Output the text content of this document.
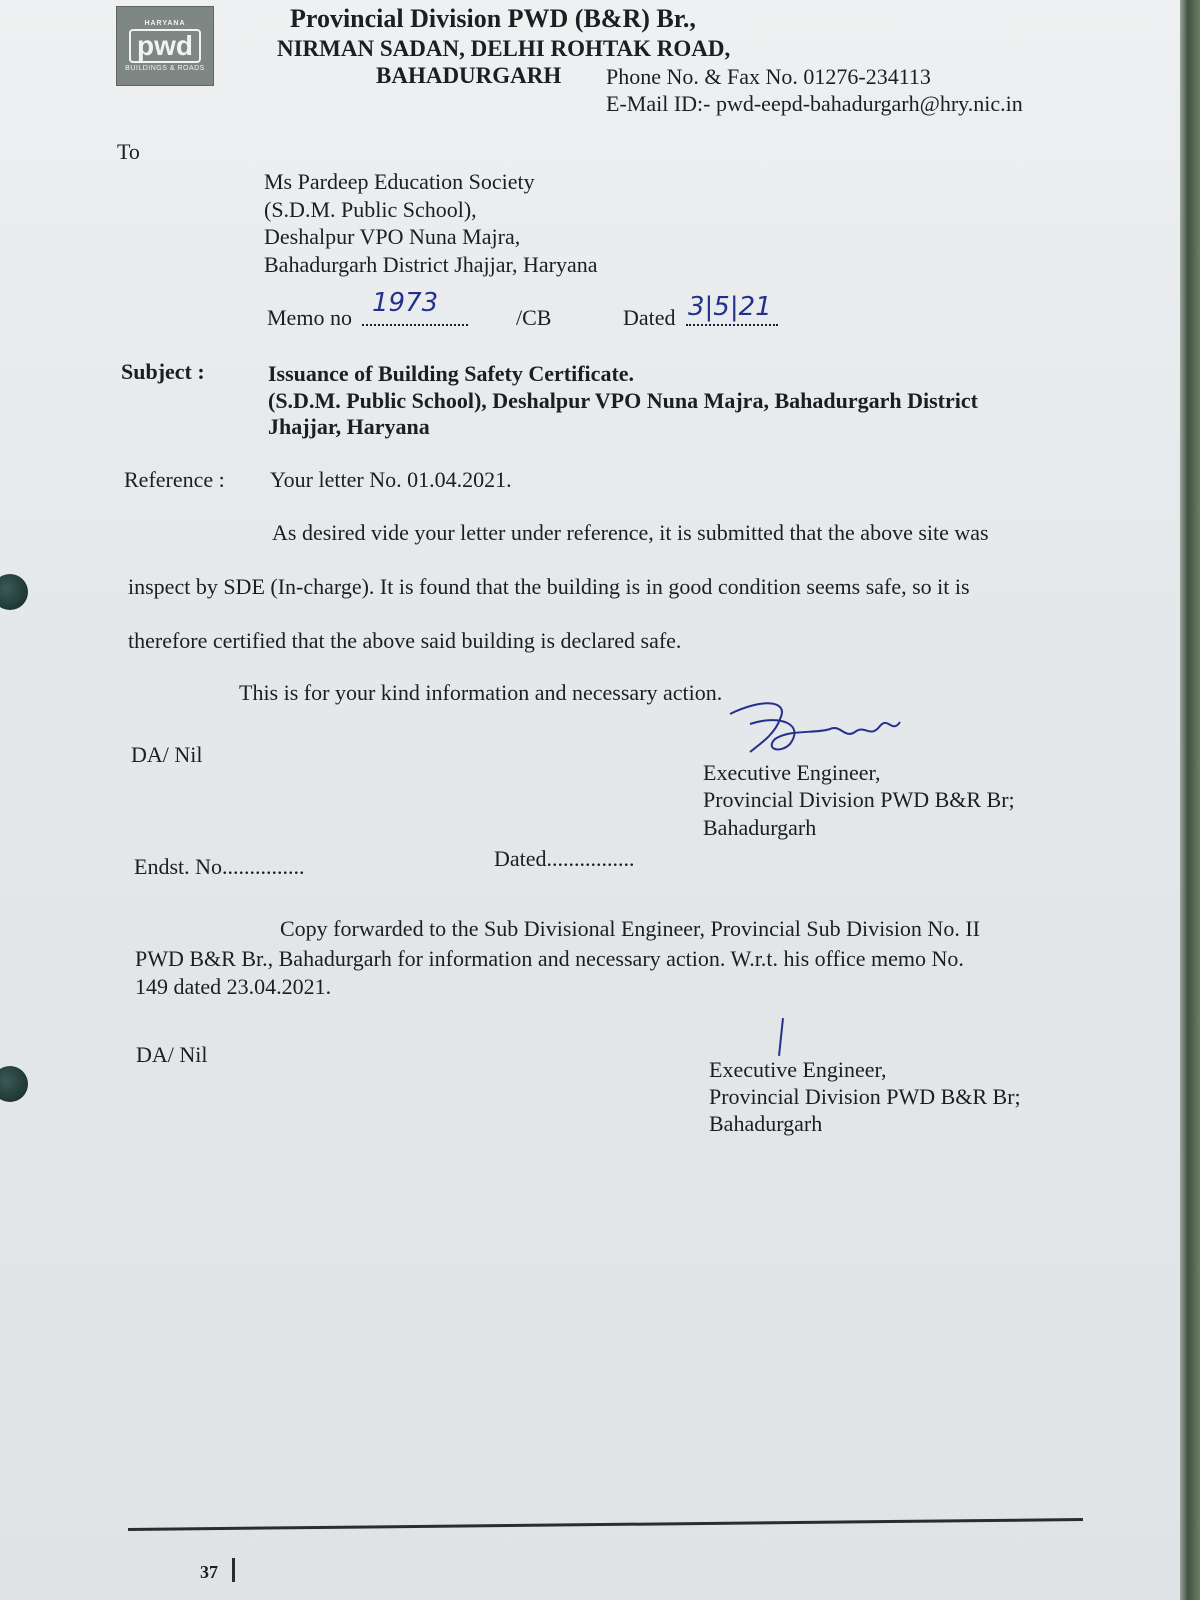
HARYANA
pwd
BUILDINGS & ROADS
Provincial Division PWD (B&R) Br.,
NIRMAN SADAN, DELHI ROHTAK ROAD,
BAHADURGARH Phone No. & Fax No. 01276-234113
E-Mail ID:- pwd-eepd-bahadurgarh@hry.nic.in
To
Ms Pardeep Education Society
(S.D.M. Public School),
Deshalpur VPO Nuna Majra,
Bahadurgarh District Jhajjar, Haryana
Memo no 1973	/CB	Dated 3|5|21
Subject :	Issuance of Building Safety Certificate.
(S.D.M. Public School), Deshalpur VPO Nuna Majra, Bahadurgarh District
Jhajjar, Haryana
Reference : Your letter No. 01.04.2021.
As desired vide your letter under reference, it is submitted that the above site was
inspect by SDE (In-charge). It is found that the building is in good condition seems safe, so it is
therefore certified that the above said building is declared safe.
This is for your kind information and necessary action.
DA/ Nil
Executive Engineer,
Provincial Division PWD B&R Br;
Bahadurgarh
Endst. No...............	Dated................
Copy forwarded to the Sub Divisional Engineer, Provincial Sub Division No. II
PWD B&R Br., Bahadurgarh for information and necessary action. W.r.t. his office memo No.
149 dated 23.04.2021.
DA/ Nil
Executive Engineer,
Provincial Division PWD B&R Br;
Bahadurgarh
37
